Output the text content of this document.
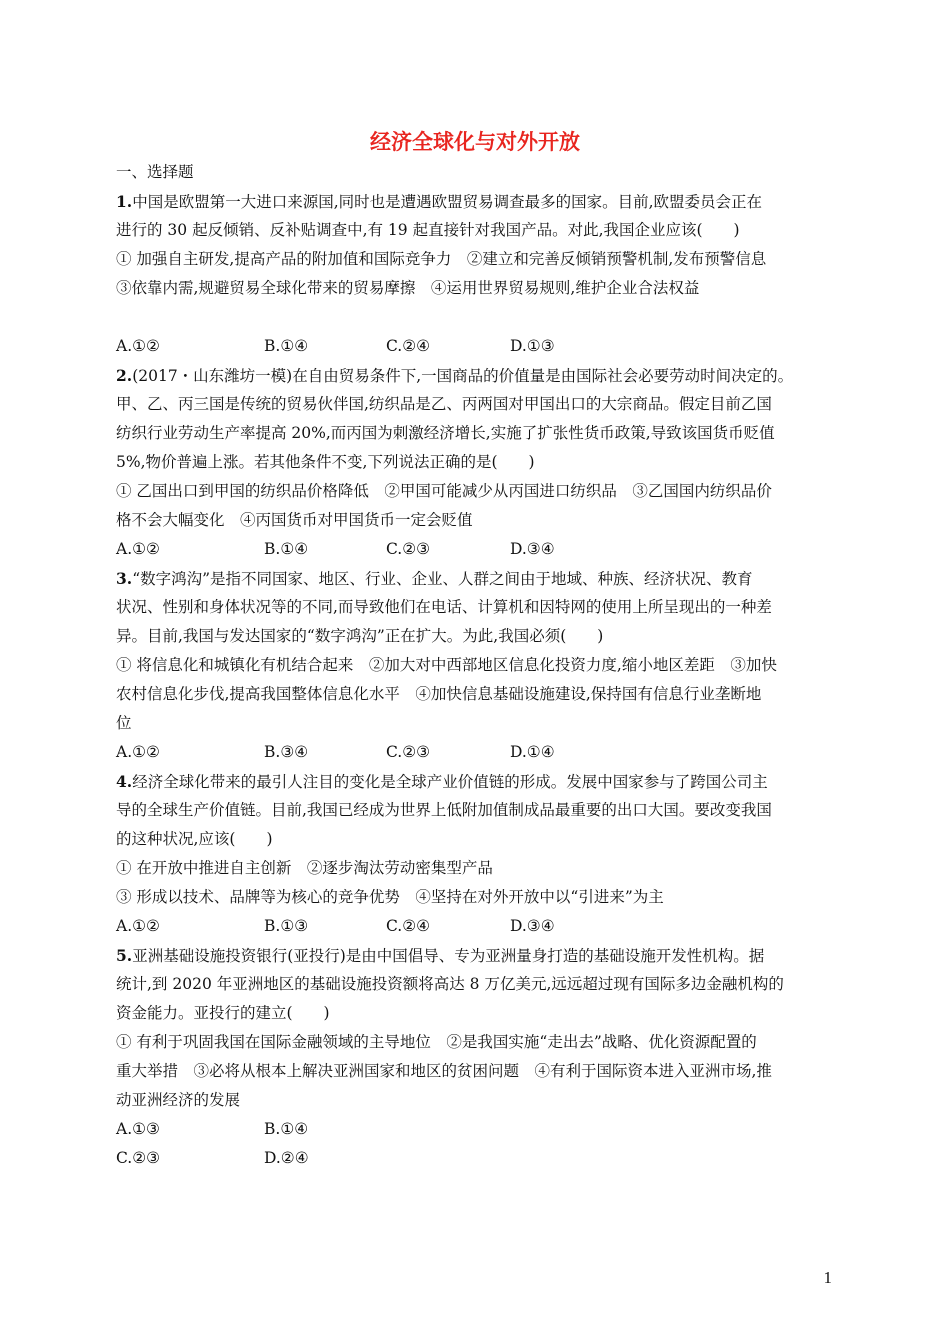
经济全球化与对外开放
一、选择题
1.中国是欧盟第一大进口来源国,同时也是遭遇欧盟贸易调查最多的国家。目前,欧盟委员会正在
进行的 30 起反倾销、反补贴调查中,有 19 起直接针对我国产品。对此,我国企业应该(　　)
① 加强自主研发,提高产品的附加值和国际竞争力　②建立和完善反倾销预警机制,发布预警信息
③依靠内需,规避贸易全球化带来的贸易摩擦　④运用世界贸易规则,维护企业合法权益
A.①②	B.①④	C.②④	D.①③
2.(2017・山东潍坊一模)在自由贸易条件下,一国商品的价值量是由国际社会必要劳动时间决定的。
甲、乙、丙三国是传统的贸易伙伴国,纺织品是乙、丙两国对甲国出口的大宗商品。假定目前乙国
纺织行业劳动生产率提高 20%,而丙国为刺激经济增长,实施了扩张性货币政策,导致该国货币贬值
5%,物价普遍上涨。若其他条件不变,下列说法正确的是(　　)
① 乙国出口到甲国的纺织品价格降低　②甲国可能减少从丙国进口纺织品　③乙国国内纺织品价
格不会大幅变化　④丙国货币对甲国货币一定会贬值
A.①②	B.①④	C.②③	D.③④
3.“数字鸿沟”是指不同国家、地区、行业、企业、人群之间由于地域、种族、经济状况、教育
状况、性别和身体状况等的不同,而导致他们在电话、计算机和因特网的使用上所呈现出的一种差
异。目前,我国与发达国家的“数字鸿沟”正在扩大。为此,我国必须(　　)
① 将信息化和城镇化有机结合起来　②加大对中西部地区信息化投资力度,缩小地区差距　③加快
农村信息化步伐,提高我国整体信息化水平　④加快信息基础设施建设,保持国有信息行业垄断地
位
A.①②	B.③④	C.②③	D.①④
4.经济全球化带来的最引人注目的变化是全球产业价值链的形成。发展中国家参与了跨国公司主
导的全球生产价值链。目前,我国已经成为世界上低附加值制成品最重要的出口大国。要改变我国
的这种状况,应该(　　)
① 在开放中推进自主创新　②逐步淘汰劳动密集型产品
③ 形成以技术、品牌等为核心的竞争优势　④坚持在对外开放中以“引进来”为主
A.①②	B.①③	C.②④	D.③④
5.亚洲基础设施投资银行(亚投行)是由中国倡导、专为亚洲量身打造的基础设施开发性机构。据
统计,到 2020 年亚洲地区的基础设施投资额将高达 8 万亿美元,远远超过现有国际多边金融机构的
资金能力。亚投行的建立(　　)
① 有利于巩固我国在国际金融领域的主导地位　②是我国实施“走出去”战略、优化资源配置的
重大举措　③必将从根本上解决亚洲国家和地区的贫困问题　④有利于国际资本进入亚洲市场,推
动亚洲经济的发展
A.①③	B.①④
C.②③	D.②④
1
